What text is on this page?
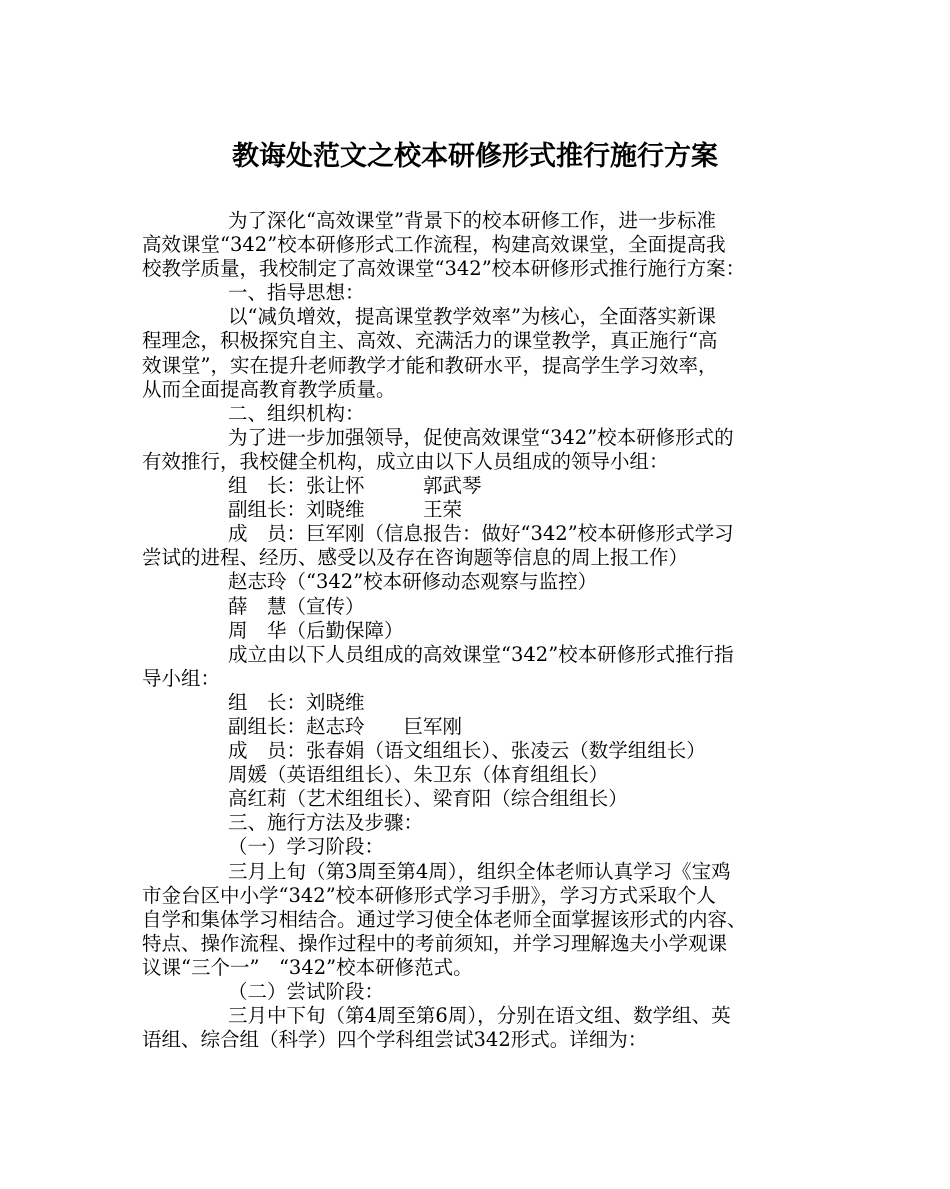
教诲处范文之校本研修形式推行施行方案
为了深化“高效课堂”背景下的校本研修工作，进一步标准
高效课堂“342”校本研修形式工作流程，构建高效课堂，全面提高我
校教学质量，我校制定了高效课堂“342”校本研修形式推行施行方案：
一、指导思想：
以“减负增效，提高课堂教学效率”为核心，全面落实新课
程理念，积极探究自主、高效、充满活力的课堂教学，真正施行“高
效课堂”，实在提升老师教学才能和教研水平，提高学生学习效率，
从而全面提高教育教学质量。
二、组织机构：
为了进一步加强领导，促使高效课堂“342”校本研修形式的
有效推行，我校健全机构，成立由以下人员组成的领导小组：
组　长：张让怀　　　郭武琴
副组长：刘晓维　　　王荣
成　员：巨军刚（信息报告：做好“342”校本研修形式学习
尝试的进程、经历、感受以及存在咨询题等信息的周上报工作）
赵志玲（“342”校本研修动态观察与监控）
薛　慧（宣传）
周　华（后勤保障）
成立由以下人员组成的高效课堂“342”校本研修形式推行指
导小组：
组　长：刘晓维
副组长：赵志玲　　巨军刚
成　员：张春娟（语文组组长）、张凌云（数学组组长）
周媛（英语组组长）、朱卫东（体育组组长）
高红莉（艺术组组长）、梁育阳（综合组组长）
三、施行方法及步骤：
（一）学习阶段：
三月上旬（第3周至第4周），组织全体老师认真学习《宝鸡
市金台区中小学“342”校本研修形式学习手册》，学习方式采取个人
自学和集体学习相结合。通过学习使全体老师全面掌握该形式的内容、
特点、操作流程、操作过程中的考前须知，并学习理解逸夫小学观课
议课“三个一”　“342”校本研修范式。
（二）尝试阶段：
三月中下旬（第4周至第6周），分别在语文组、数学组、英
语组、综合组（科学）四个学科组尝试342形式。详细为：
